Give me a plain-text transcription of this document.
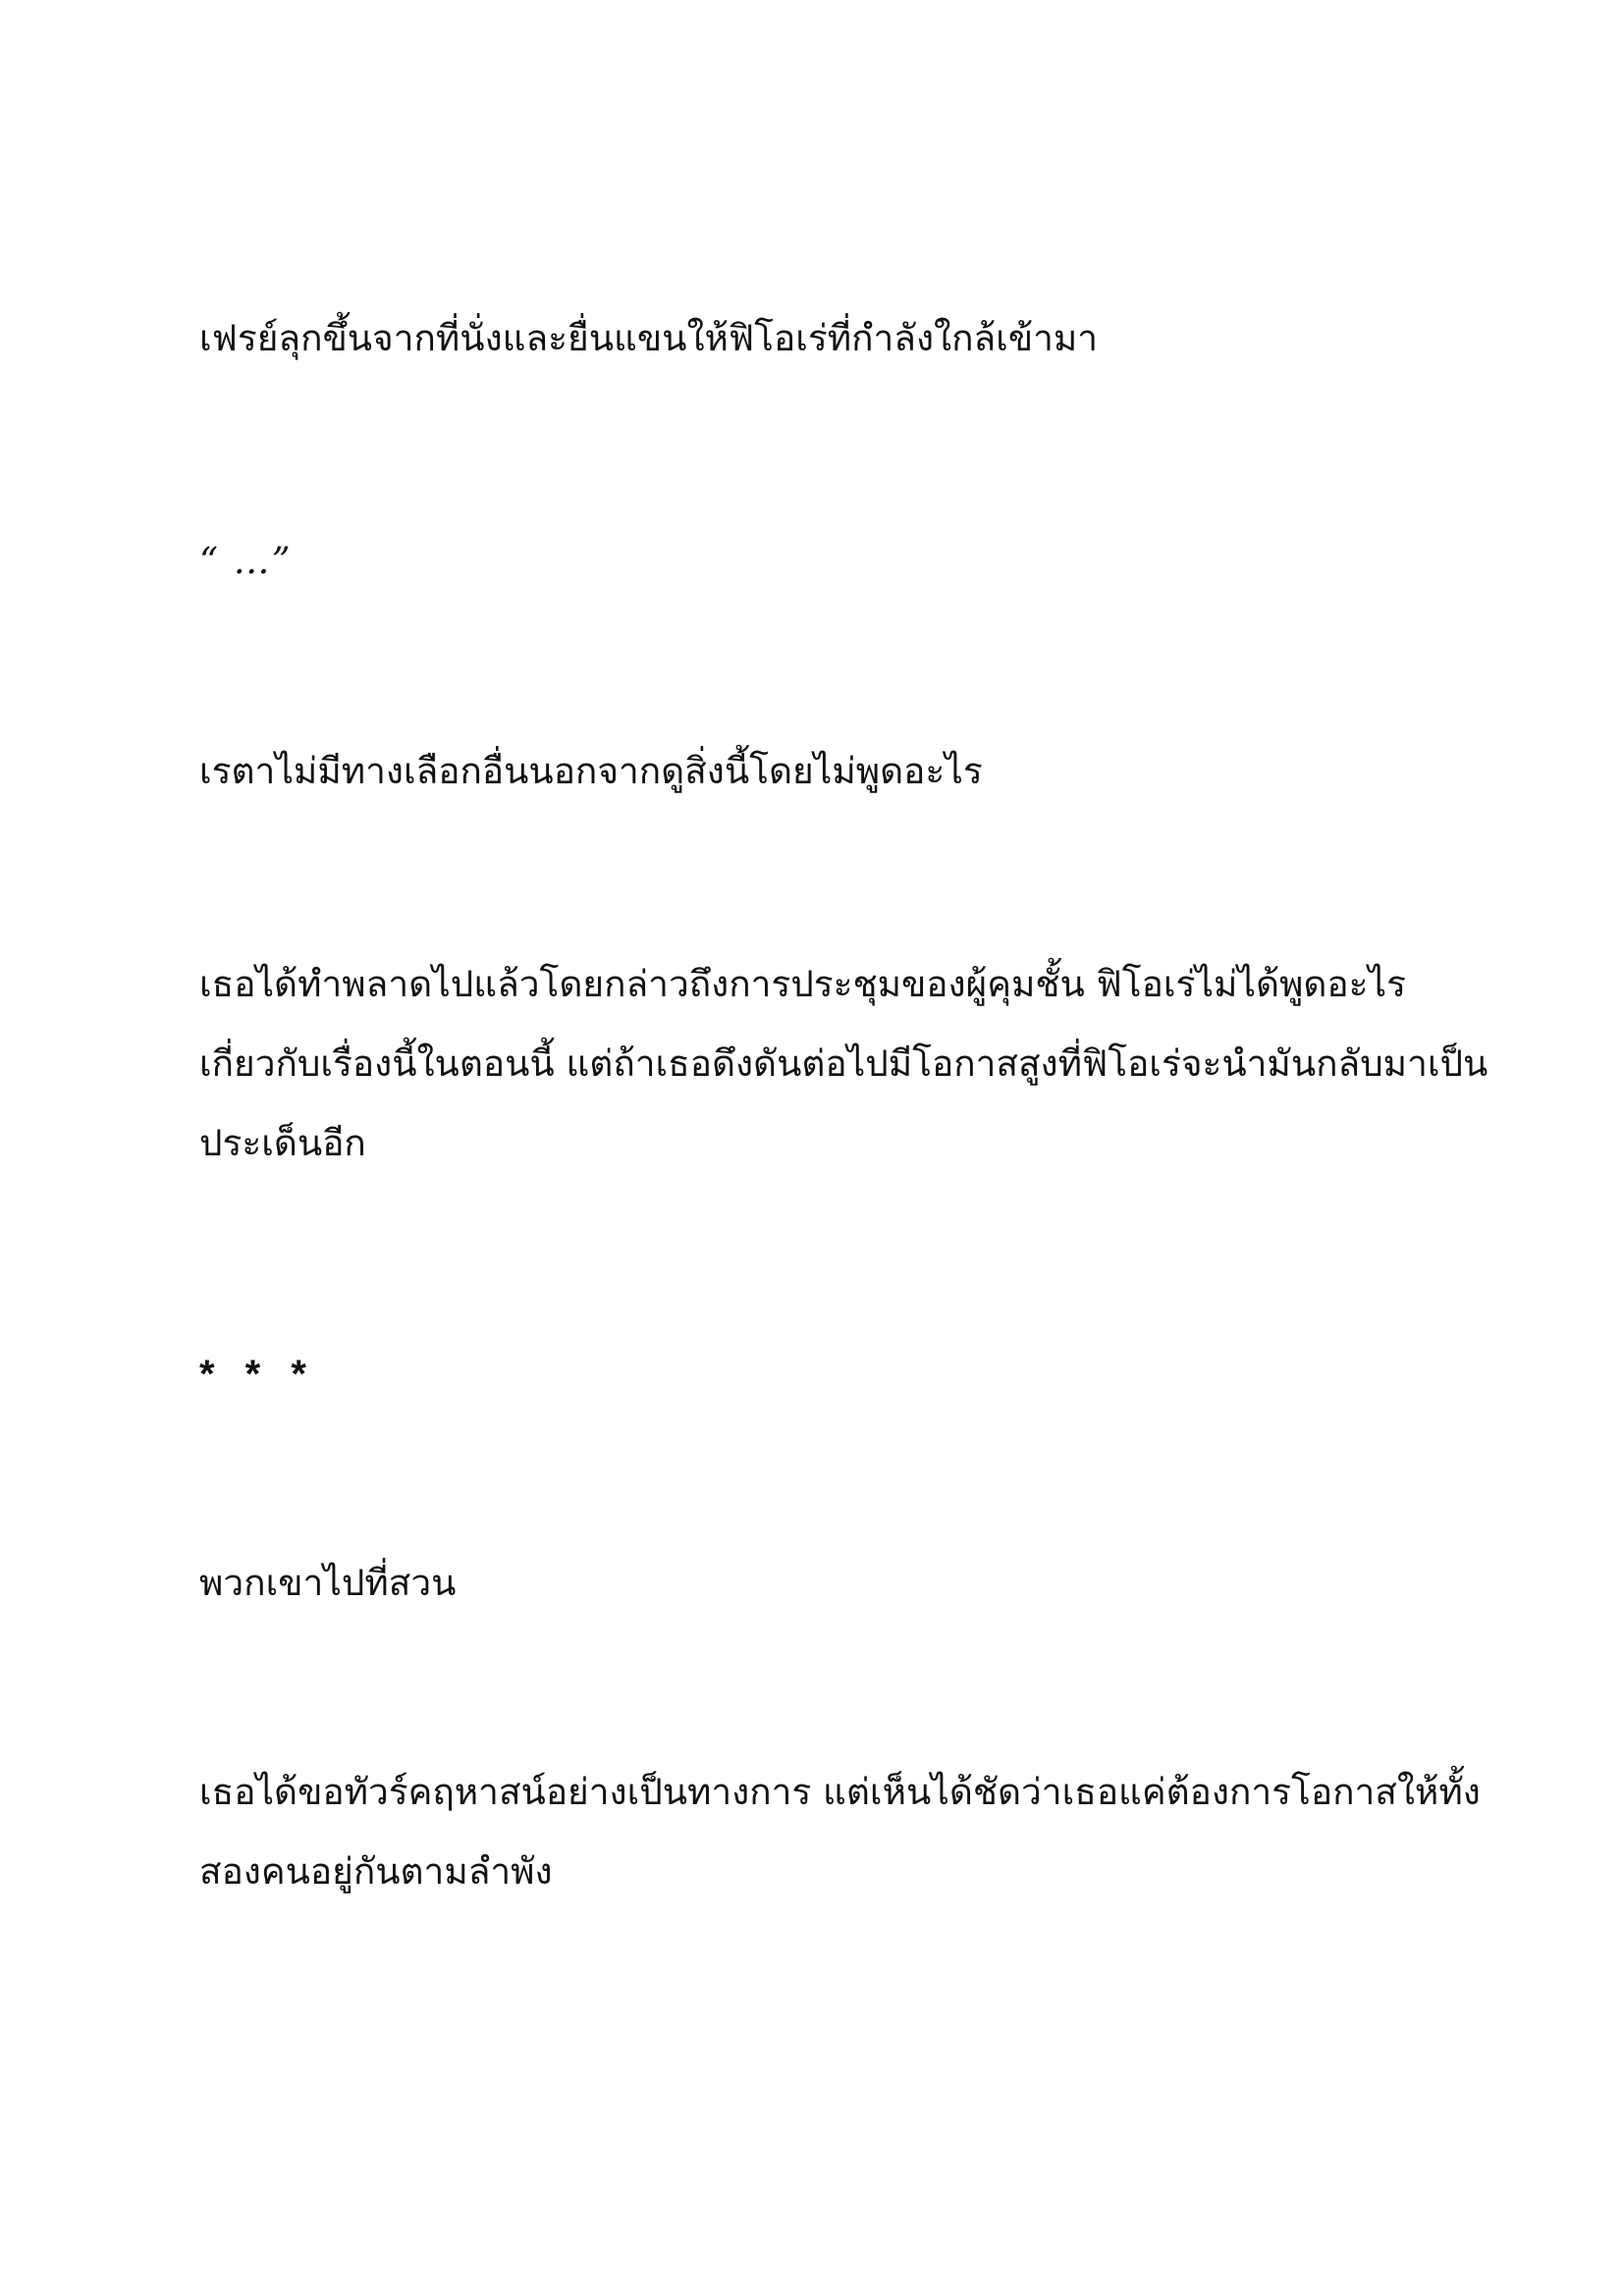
เฟรย์ลุกขึ้นจากที่นั่งและยื่นแขนให้ฟิโอเร่ที่กำลังใกล้เข้ามา

“ …”

เรตาไม่มีทางเลือกอื่นนอกจากดูสิ่งนี้โดยไม่พูดอะไร

เธอได้ทำพลาดไปแล้วโดยกล่าวถึงการประชุมของผู้คุมชั้น ฟิโอเร่ไม่ได้พูดอะไร
เกี่ยวกับเรื่องนี้ในตอนนี้ แต่ถ้าเธอดึงดันต่อไปมีโอกาสสูงที่ฟิโอเร่จะนำมันกลับมาเป็น
ประเด็นอีก

* * *

พวกเขาไปที่สวน

เธอได้ขอทัวร์คฤหาสน์อย่างเป็นทางการ แต่เห็นได้ชัดว่าเธอแค่ต้องการโอกาสให้ทั้ง
สองคนอยู่กันตามลำพัง
